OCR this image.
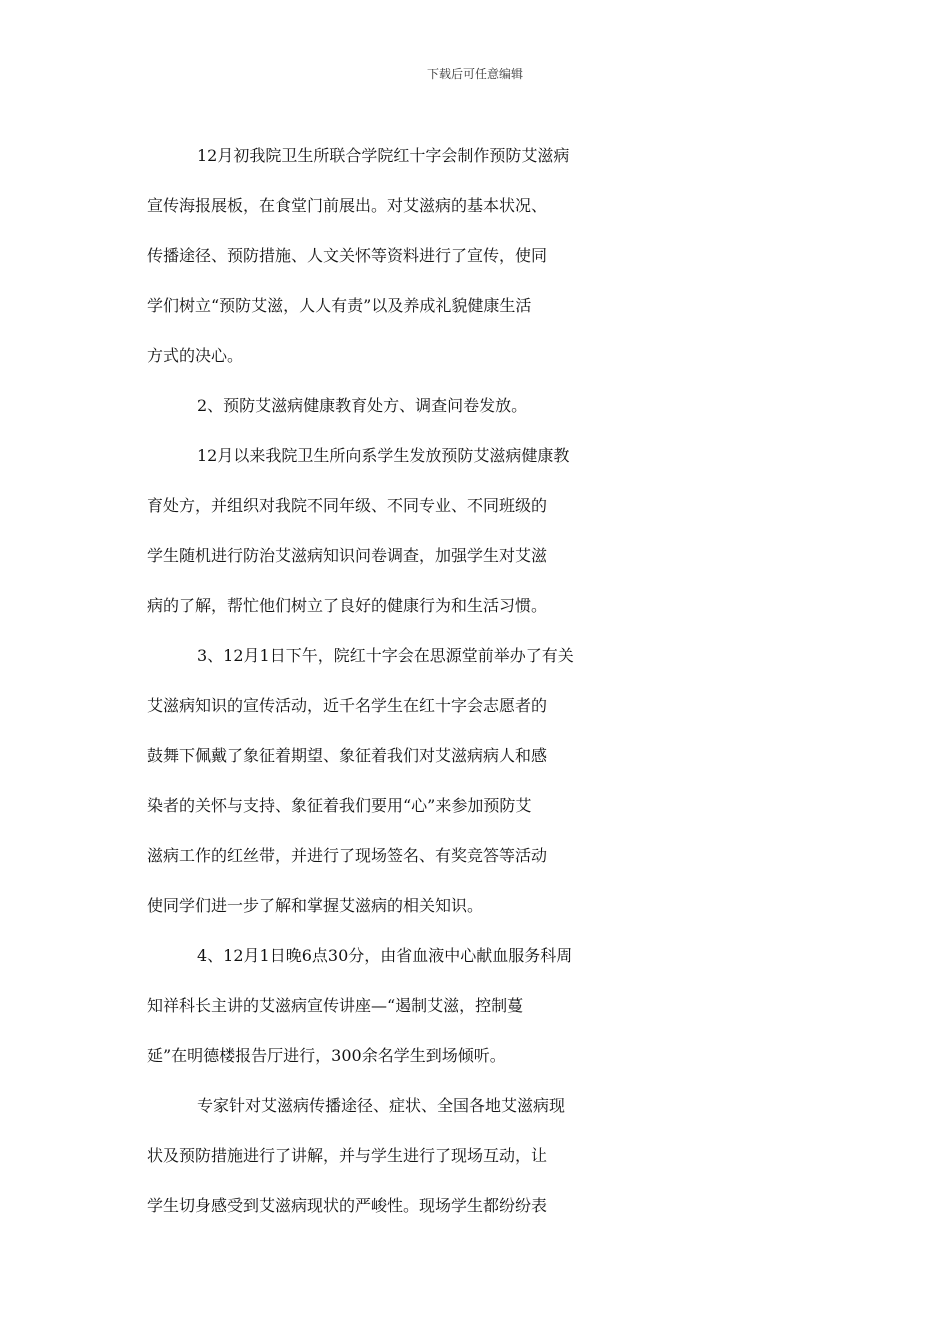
下载后可任意编辑
12月初我院卫生所联合学院红十字会制作预防艾滋病
宣传海报展板，在食堂门前展出。对艾滋病的基本状况、
传播途径、预防措施、人文关怀等资料进行了宣传，使同
学们树立“预防艾滋，人人有责”以及养成礼貌健康生活
方式的决心。
2、预防艾滋病健康教育处方、调查问卷发放。
12月以来我院卫生所向系学生发放预防艾滋病健康教
育处方，并组织对我院不同年级、不同专业、不同班级的
学生随机进行防治艾滋病知识问卷调查，加强学生对艾滋
病的了解，帮忙他们树立了良好的健康行为和生活习惯。
3、12月1日下午，院红十字会在思源堂前举办了有关
艾滋病知识的宣传活动，近千名学生在红十字会志愿者的
鼓舞下佩戴了象征着期望、象征着我们对艾滋病病人和感
染者的关怀与支持、象征着我们要用“心”来参加预防艾
滋病工作的红丝带，并进行了现场签名、有奖竞答等活动
使同学们进一步了解和掌握艾滋病的相关知识。
4、12月1日晚6点30分，由省血液中心献血服务科周
知祥科长主讲的艾滋病宣传讲座—“遏制艾滋，控制蔓
延”在明德楼报告厅进行，300余名学生到场倾听。
专家针对艾滋病传播途径、症状、全国各地艾滋病现
状及预防措施进行了讲解，并与学生进行了现场互动，让
学生切身感受到艾滋病现状的严峻性。现场学生都纷纷表
